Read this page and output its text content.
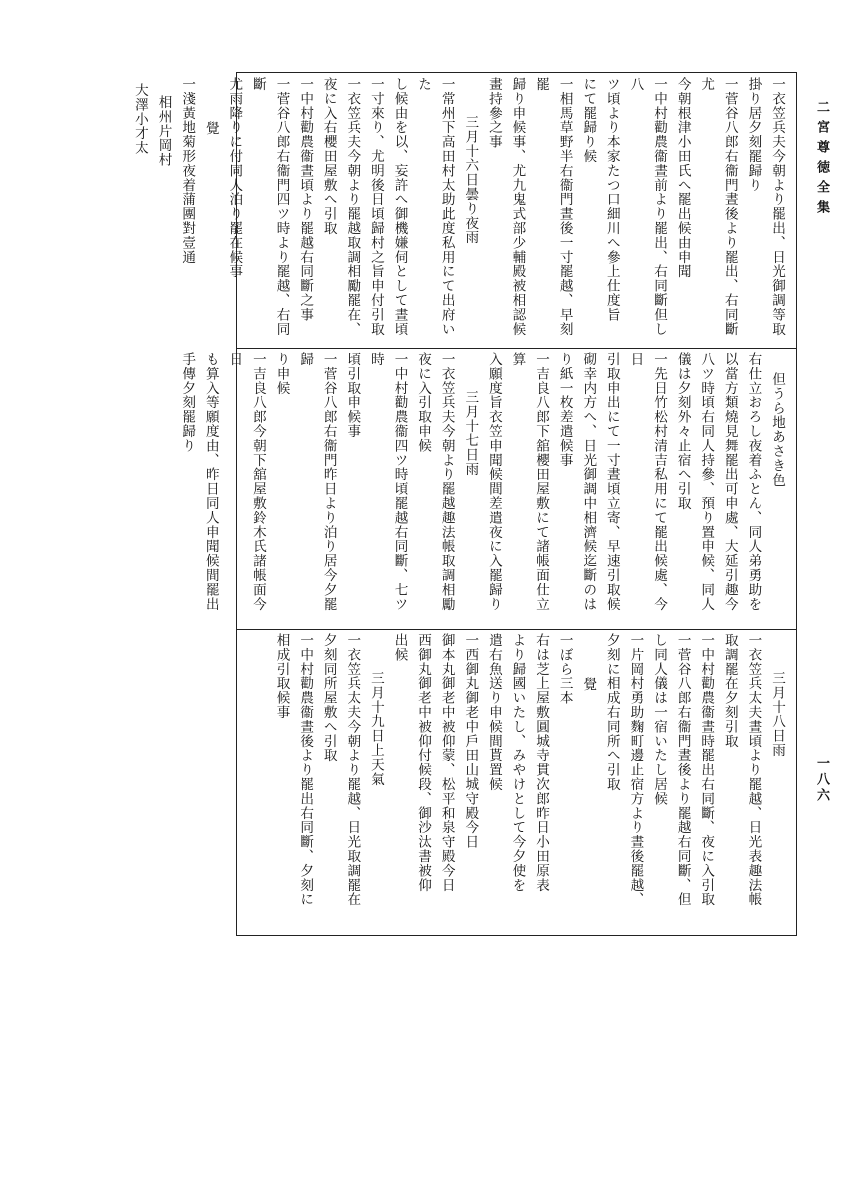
二宮尊徳全集
一八六
一衣笠兵夫今朝より罷出、日光御調等取
掛り居夕刻罷歸り
一菅谷八郎右衞門晝後より罷出、右同斷尤
今朝根津小田氏へ罷出候由申聞
一中村勸農衞晝前より罷出、右同斷但し八
ツ頃より本家たつ口細川へ參上仕度旨
にて罷歸り候
一相馬草野半右衞門晝後一寸罷越、早刻罷
歸り申候事、尤九鬼式部少輔殿被相認候
畫持參之事
三月十六日曇り夜雨
一常州下高田村太助此度私用にて出府いた
し候由を以、妄許へ御機嫌伺として晝頃
一寸來り、尤明後日頃歸村之旨申付引取
一衣笠兵夫今朝より罷越取調相勵罷在、
夜に入右櫻田屋敷へ引取
一中村勸農衞晝頃より罷越右同斷之事
一菅谷八郎右衞門四ツ時より罷越、右同斷
尤雨降りに付同人泊り罷在候事
覺
一淺黃地菊形夜着蒲團對壹通
相州片岡村
大澤小才太
但うら地あさき色
右仕立おろし夜着ふとん、同人弟勇助を
以當方類燒見舞罷出可申處、大延引趣今
八ツ時頃右同人持參、預り置申候、同人
儀は夕刻外々止宿へ引取
一先日竹松村清吉私用にて罷出候處、今日
引取申出にて一寸晝頃立寄、早速引取候
砌幸内方へ、日光御調中相濟候迄斷のは
り紙一枚差遣候事
一吉良八郎下舘櫻田屋敷にて諸帳面仕立算
入願度旨衣笠申聞候間差遣夜に入罷歸り
三月十七日雨
一衣笠兵夫今朝より罷越趣法帳取調相勵
夜に入引取申候
一中村勸農衞四ツ時頃罷越右同斷、七ツ時
頃引取申候事
一菅谷八郎右衞門昨日より泊り居今夕罷歸
り申候
一吉良八郎今朝下舘屋敷鈴木氏諸帳面今日
も算入等願度由、昨日同人申聞候間罷出
手傳夕刻罷歸り
三月十八日雨
一衣笠兵太夫晝頃より罷越、日光表趣法帳
取調罷在夕刻引取
一中村勸農衞晝時罷出右同斷、夜に入引取
一菅谷八郎右衞門晝後より罷越右同斷、但
し同人儀は一宿いたし居候
一片岡村勇助麴町邊止宿方より晝後罷越、
夕刻に相成右同所へ引取
覺
一ぼら三本
右は芝上屋敷圓城寺貫次郎昨日小田原表
より歸國いたし、みやけとして今夕使を
遣右魚送り申候間貰置候
一西御丸御老中戶田山城守殿今日
御本丸御老中被仰蒙、松平和泉守殿今日
西御丸御老中被仰付候段、御沙汰書被仰
出候
三月十九日上天氣
一衣笠兵太夫今朝より罷越、日光取調罷在
夕刻同所屋敷へ引取
一中村勸農衞晝後より罷出右同斷、夕刻に
相成引取候事
